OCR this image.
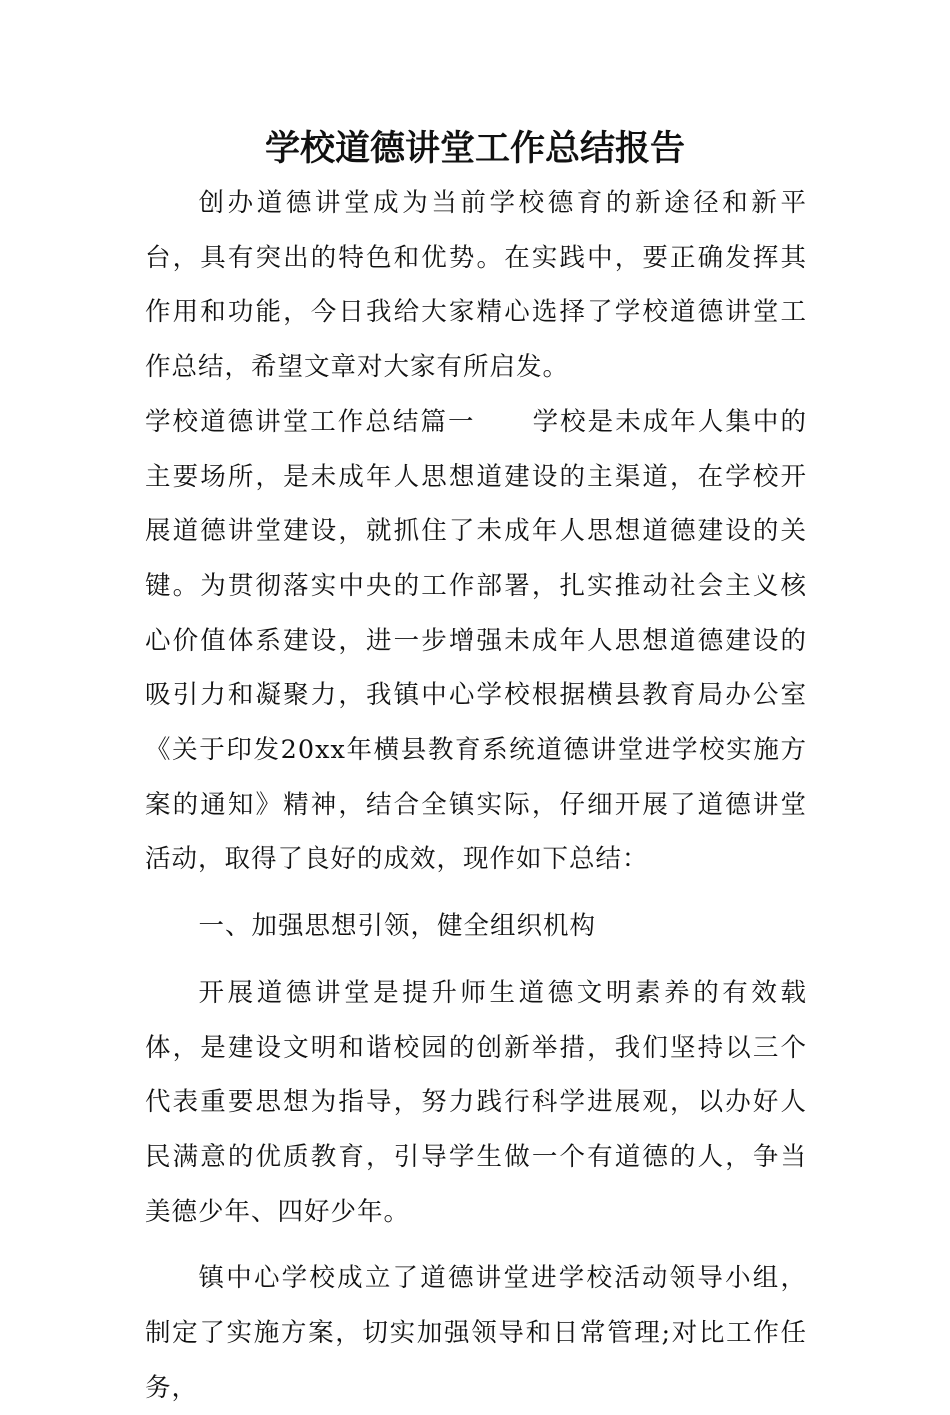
学校道德讲堂工作总结报告

创办道德讲堂成为当前学校德育的新途径和新平台，具有突出的特色和优势。在实践中，要正确发挥其作用和功能，今日我给大家精心选择了学校道德讲堂工作总结，希望文章对大家有所启发。

学校道德讲堂工作总结篇一 学校是未成年人集中的主要场所，是未成年人思想道建设的主渠道，在学校开展道德讲堂建设，就抓住了未成年人思想道德建设的关键。为贯彻落实中央的工作部署，扎实推动社会主义核心价值体系建设，进一步增强未成年人思想道德建设的吸引力和凝聚力，我镇中心学校根据横县教育局办公室《关于印发20xx年横县教育系统道德讲堂进学校实施方案的通知》精神，结合全镇实际，仔细开展了道德讲堂活动，取得了良好的成效，现作如下总结：

一、加强思想引领，健全组织机构

开展道德讲堂是提升师生道德文明素养的有效载体，是建设文明和谐校园的创新举措，我们坚持以三个代表重要思想为指导，努力践行科学进展观，以办好人民满意的优质教育，引导学生做一个有道德的人，争当美德少年、四好少年。

镇中心学校成立了道德讲堂进学校活动领导小组，制定了实施方案，切实加强领导和日常管理;对比工作任务，
